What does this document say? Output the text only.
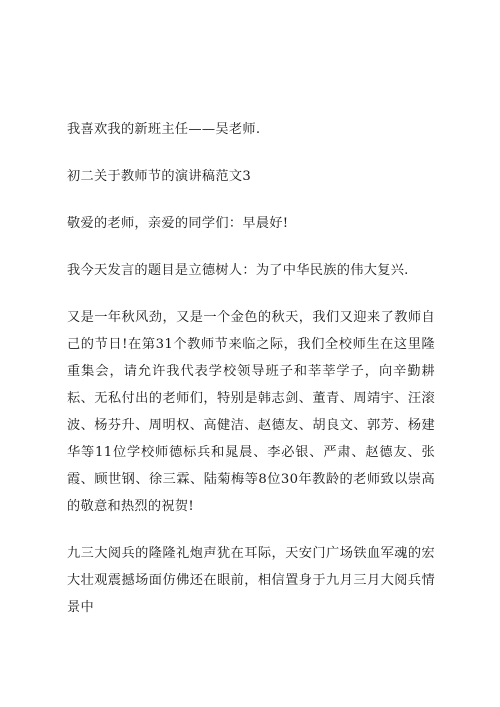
我喜欢我的新班主任——吴老师.

初二关于教师节的演讲稿范文3

敬爱的老师，亲爱的同学们：早晨好!

我今天发言的题目是立德树人：为了中华民族的伟大复兴.

又是一年秋风劲，又是一个金色的秋天，我们又迎来了教师自己的节日!在第31个教师节来临之际，我们全校师生在这里隆重集会，请允许我代表学校领导班子和莘莘学子，向辛勤耕耘、无私付出的老师们，特别是韩志剑、董青、周靖宇、汪滚波、杨芬升、周明权、高健洁、赵德友、胡良文、郭芳、杨建华等11位学校师德标兵和晁晨、李必银、严肃、赵德友、张霞、顾世钢、徐三霖、陆菊梅等8位30年教龄的老师致以崇高的敬意和热烈的祝贺!

九三大阅兵的隆隆礼炮声犹在耳际，天安门广场铁血军魂的宏大壮观震撼场面仿佛还在眼前，相信置身于九月三月大阅兵情景中
